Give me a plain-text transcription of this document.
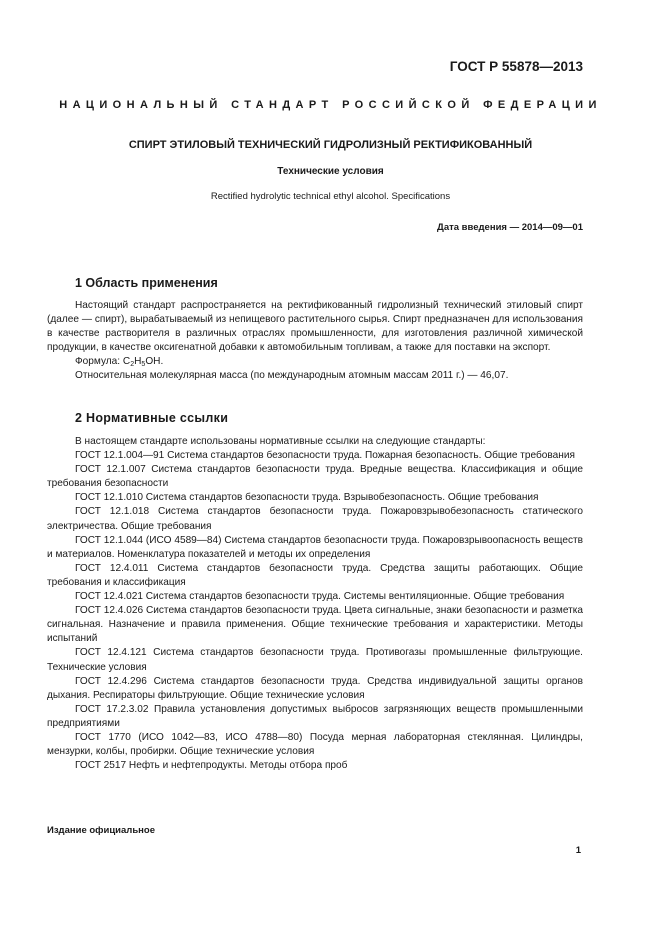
ГОСТ Р 55878—2013
НАЦИОНАЛЬНЫЙ СТАНДАРТ РОССИЙСКОЙ ФЕДЕРАЦИИ
СПИРТ ЭТИЛОВЫЙ ТЕХНИЧЕСКИЙ ГИДРОЛИЗНЫЙ РЕКТИФИКОВАННЫЙ
Технические условия
Rectified hydrolytic technical ethyl alcohol. Specifications
Дата введения — 2014—09—01
1 Область применения

Настоящий стандарт распространяется на ректификованный гидролизный технический этиловый спирт (далее — спирт), вырабатываемый из непищевого растительного сырья. Спирт предназначен для использования в качестве растворителя в различных отраслях промышленности, для изготовления различной химической продукции, в качестве оксигенатной добавки к автомобильным топливам, а также для поставки на экспорт.

Формула: $C_2H_5OH$.

Относительная молекулярная масса (по международным атомным массам 2011 г.) — 46,07.

2 Нормативные ссылки

В настоящем стандарте использованы нормативные ссылки на следующие стандарты:

ГОСТ 12.1.004—91 Система стандартов безопасности труда. Пожарная безопасность. Общие требования

ГОСТ 12.1.007 Система стандартов безопасности труда. Вредные вещества. Классификация и общие требования безопасности

ГОСТ 12.1.010 Система стандартов безопасности труда. Взрывобезопасность. Общие требования

ГОСТ 12.1.018 Система стандартов безопасности труда. Пожаровзрывобезопасность статического электричества. Общие требования

ГОСТ 12.1.044 (ИСО 4589—84) Система стандартов безопасности труда. Пожаровзрывоопасность веществ и материалов. Номенклатура показателей и методы их определения

ГОСТ 12.4.011 Система стандартов безопасности труда. Средства защиты работающих. Общие требования и классификация

ГОСТ 12.4.021 Система стандартов безопасности труда. Системы вентиляционные. Общие требования

ГОСТ 12.4.026 Система стандартов безопасности труда. Цвета сигнальные, знаки безопасности и разметка сигнальная. Назначение и правила применения. Общие технические требования и характеристики. Методы испытаний

ГОСТ 12.4.121 Система стандартов безопасности труда. Противогазы промышленные фильтрующие. Технические условия

ГОСТ 12.4.296 Система стандартов безопасности труда. Средства индивидуальной защиты органов дыхания. Респираторы фильтрующие. Общие технические условия

ГОСТ 17.2.3.02 Правила установления допустимых выбросов загрязняющих веществ промышленными предприятиями

ГОСТ 1770 (ИСО 1042—83, ИСО 4788—80) Посуда мерная лабораторная стеклянная. Цилиндры, мензурки, колбы, пробирки. Общие технические условия

ГОСТ 2517 Нефть и нефтепродукты. Методы отбора проб

Издание официальное
1
